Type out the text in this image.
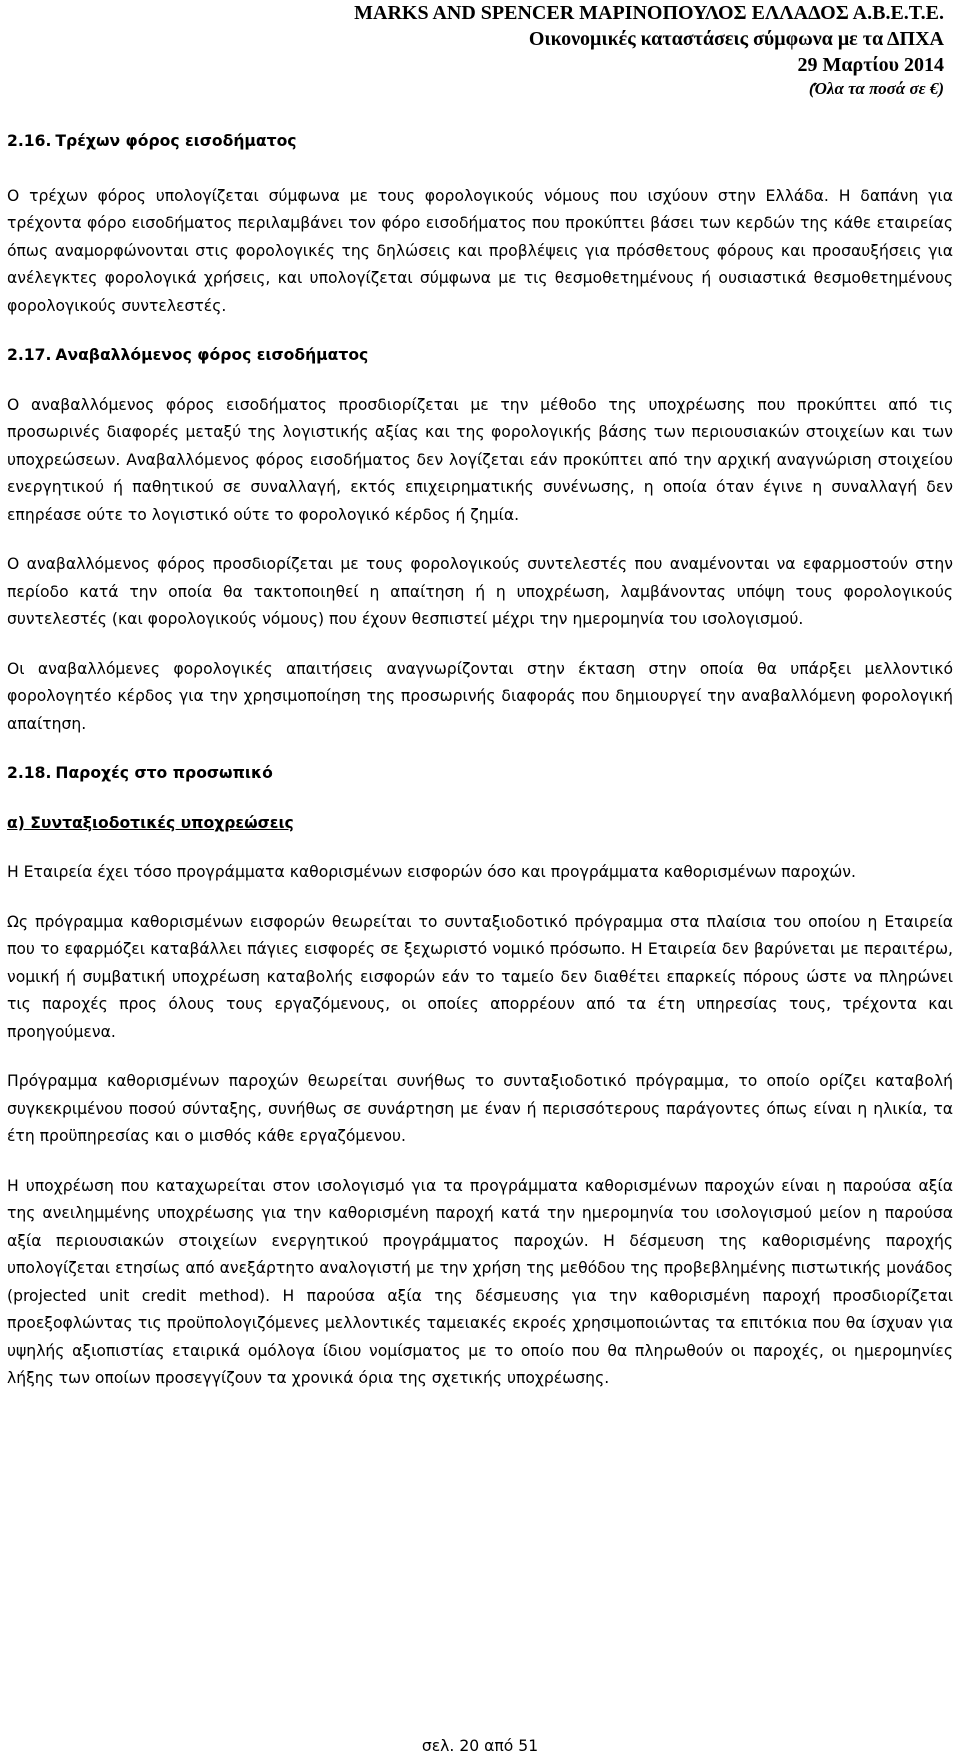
MARKS AND SPENCER ΜΑΡΙΝΟΠΟΥΛΟΣ ΕΛΛΑΔΟΣ Α.Β.Ε.Τ.Ε.
Οικονομικές καταστάσεις σύμφωνα με τα ΔΠΧΑ
29 Μαρτίου 2014
(Όλα τα ποσά σε €)
2.16. Τρέχων φόρος εισοδήματος
Ο τρέχων φόρος υπολογίζεται σύμφωνα με τους φορολογικούς νόμους που ισχύουν στην Ελλάδα. Η δαπάνη για τρέχοντα φόρο εισοδήματος περιλαμβάνει τον φόρο εισοδήματος που προκύπτει βάσει των κερδών της κάθε εταιρείας όπως αναμορφώνονται στις φορολογικές της δηλώσεις και προβλέψεις για πρόσθετους φόρους και προσαυξήσεις για ανέλεγκτες φορολογικά χρήσεις, και υπολογίζεται σύμφωνα με τις θεσμοθετημένους ή ουσιαστικά θεσμοθετημένους φορολογικούς συντελεστές.
2.17. Αναβαλλόμενος φόρος εισοδήματος
Ο αναβαλλόμενος φόρος εισοδήματος προσδιορίζεται με την μέθοδο της υποχρέωσης που προκύπτει από τις προσωρινές διαφορές μεταξύ της λογιστικής αξίας και της φορολογικής βάσης των περιουσιακών στοιχείων και των υποχρεώσεων. Αναβαλλόμενος φόρος εισοδήματος δεν λογίζεται εάν προκύπτει από την αρχική αναγνώριση στοιχείου ενεργητικού ή παθητικού σε συναλλαγή, εκτός επιχειρηματικής συνένωσης, η οποία όταν έγινε η συναλλαγή δεν επηρέασε ούτε το λογιστικό ούτε το φορολογικό κέρδος ή ζημία.
Ο αναβαλλόμενος φόρος προσδιορίζεται με τους φορολογικούς συντελεστές που αναμένονται να εφαρμοστούν στην περίοδο κατά την οποία θα τακτοποιηθεί η απαίτηση ή η υποχρέωση, λαμβάνοντας υπόψη τους φορολογικούς συντελεστές (και φορολογικούς νόμους) που έχουν θεσπιστεί μέχρι την ημερομηνία του ισολογισμού.
Οι αναβαλλόμενες φορολογικές απαιτήσεις αναγνωρίζονται στην έκταση στην οποία θα υπάρξει μελλοντικό φορολογητέο κέρδος για την χρησιμοποίηση της προσωρινής διαφοράς που δημιουργεί την αναβαλλόμενη φορολογική απαίτηση.
2.18. Παροχές στο προσωπικό
α) Συνταξιοδοτικές υποχρεώσεις
Η Εταιρεία έχει τόσο προγράμματα καθορισμένων εισφορών όσο και προγράμματα καθορισμένων παροχών.
Ως πρόγραμμα καθορισμένων εισφορών θεωρείται το συνταξιοδοτικό πρόγραμμα στα πλαίσια του οποίου η Εταιρεία που το εφαρμόζει καταβάλλει πάγιες εισφορές σε ξεχωριστό νομικό πρόσωπο. Η Εταιρεία δεν βαρύνεται με περαιτέρω, νομική ή συμβατική υποχρέωση καταβολής εισφορών εάν το ταμείο δεν διαθέτει επαρκείς πόρους ώστε να πληρώνει τις παροχές προς όλους τους εργαζόμενους, οι οποίες απορρέουν από τα έτη υπηρεσίας τους, τρέχοντα και προηγούμενα.
Πρόγραμμα καθορισμένων παροχών θεωρείται συνήθως το συνταξιοδοτικό πρόγραμμα, το οποίο ορίζει καταβολή συγκεκριμένου ποσού σύνταξης, συνήθως σε συνάρτηση με έναν ή περισσότερους παράγοντες όπως είναι η ηλικία, τα έτη προϋπηρεσίας και ο μισθός κάθε εργαζόμενου.
Η υποχρέωση που καταχωρείται στον ισολογισμό για τα προγράμματα καθορισμένων παροχών είναι η παρούσα αξία της ανειλημμένης υποχρέωσης για την καθορισμένη παροχή κατά την ημερομηνία του ισολογισμού μείον η παρούσα αξία περιουσιακών στοιχείων ενεργητικού προγράμματος παροχών. Η δέσμευση της καθορισμένης παροχής υπολογίζεται ετησίως από ανεξάρτητο αναλογιστή με την χρήση της μεθόδου της προβεβλημένης πιστωτικής μονάδος (projected unit credit method). Η παρούσα αξία της δέσμευσης για την καθορισμένη παροχή προσδιορίζεται προεξοφλώντας τις προϋπολογιζόμενες μελλοντικές ταμειακές εκροές χρησιμοποιώντας τα επιτόκια που θα ίσχυαν για υψηλής αξιοπιστίας εταιρικά ομόλογα ίδιου νομίσματος με το οποίο που θα πληρωθούν οι παροχές, οι ημερομηνίες λήξης των οποίων προσεγγίζουν τα χρονικά όρια της σχετικής υποχρέωσης.
σελ. 20 από 51
